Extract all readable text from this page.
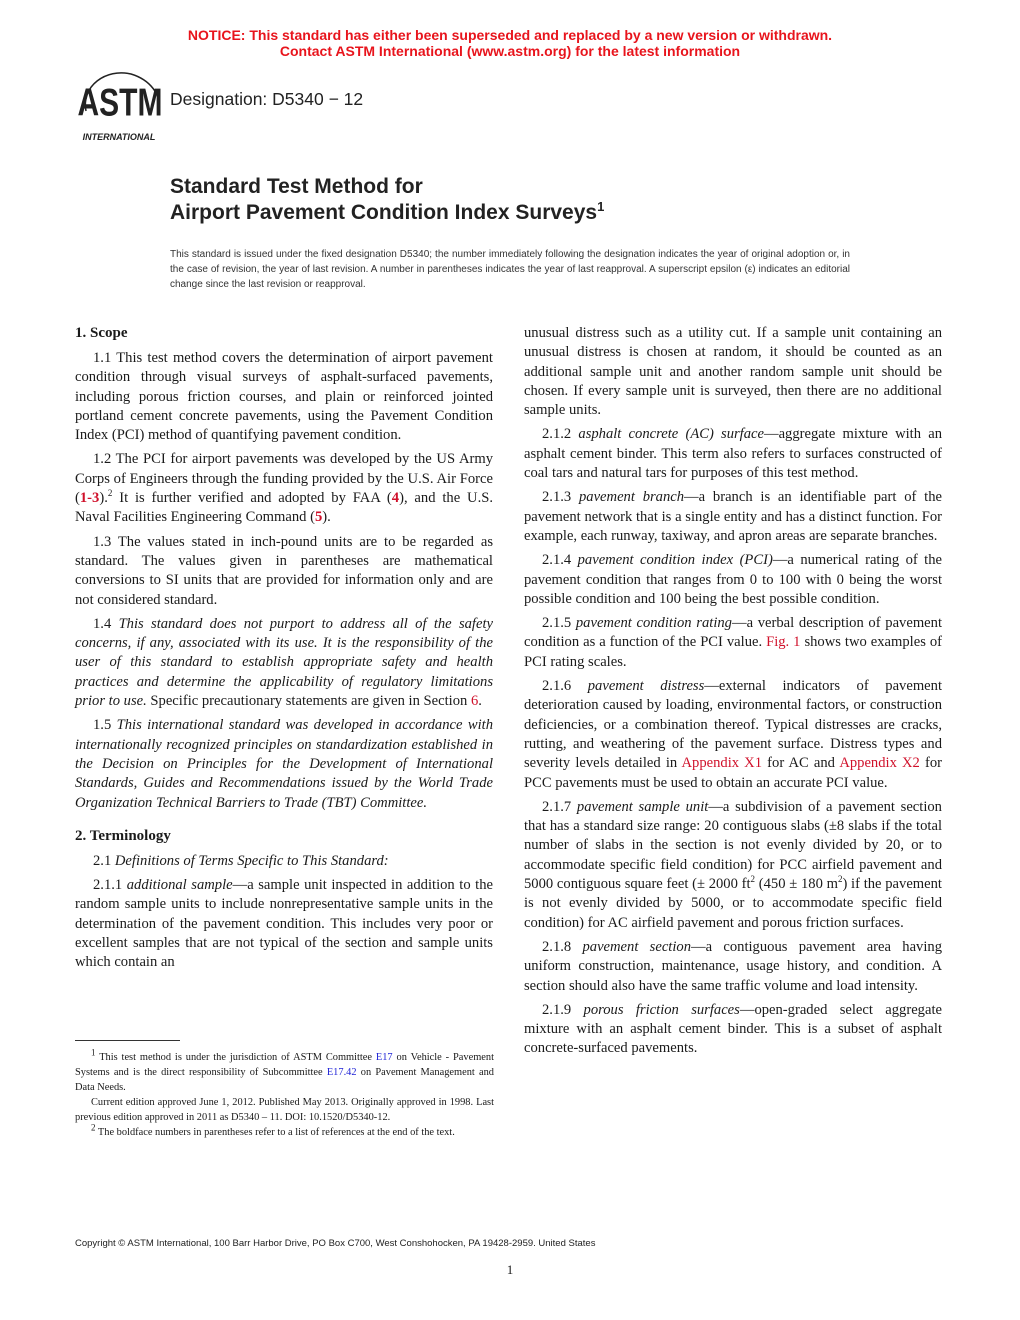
NOTICE: This standard has either been superseded and replaced by a new version or withdrawn.
Contact ASTM International (www.astm.org) for the latest information
ASTM
INTERNATIONAL
Designation: D5340 − 12
Standard Test Method for
Airport Pavement Condition Index Surveys$^1$
This standard is issued under the fixed designation D5340; the number immediately following the designation indicates the year of original adoption or, in the case of revision, the year of last revision. A number in parentheses indicates the year of last reapproval. A superscript epsilon (ε) indicates an editorial change since the last revision or reapproval.
1. Scope

1.1 This test method covers the determination of airport pavement condition through visual surveys of asphalt-surfaced pavements, including porous friction courses, and plain or reinforced jointed portland cement concrete pavements, using the Pavement Condition Index (PCI) method of quantifying pavement condition.

1.2 The PCI for airport pavements was developed by the US Army Corps of Engineers through the funding provided by the U.S. Air Force (1-3).$^2$ It is further verified and adopted by FAA (4), and the U.S. Naval Facilities Engineering Command (5).

1.3 The values stated in inch-pound units are to be regarded as standard. The values given in parentheses are mathematical conversions to SI units that are provided for information only and are not considered standard.

1.4 This standard does not purport to address all of the safety concerns, if any, associated with its use. It is the responsibility of the user of this standard to establish appropriate safety and health practices and determine the applicability of regulatory limitations prior to use. Specific precautionary statements are given in Section 6.

1.5 This international standard was developed in accordance with internationally recognized principles on standardization established in the Decision on Principles for the Development of International Standards, Guides and Recommendations issued by the World Trade Organization Technical Barriers to Trade (TBT) Committee.

2. Terminology

2.1 Definitions of Terms Specific to This Standard:

2.1.1 additional sample—a sample unit inspected in addition to the random sample units to include nonrepresentative sample units in the determination of the pavement condition. This includes very poor or excellent samples that are not typical of the section and sample units which contain an

unusual distress such as a utility cut. If a sample unit containing an unusual distress is chosen at random, it should be counted as an additional sample unit and another random sample unit should be chosen. If every sample unit is surveyed, then there are no additional sample units.

2.1.2 asphalt concrete (AC) surface—aggregate mixture with an asphalt cement binder. This term also refers to surfaces constructed of coal tars and natural tars for purposes of this test method.

2.1.3 pavement branch—a branch is an identifiable part of the pavement network that is a single entity and has a distinct function. For example, each runway, taxiway, and apron areas are separate branches.

2.1.4 pavement condition index (PCI)—a numerical rating of the pavement condition that ranges from 0 to 100 with 0 being the worst possible condition and 100 being the best possible condition.

2.1.5 pavement condition rating—a verbal description of pavement condition as a function of the PCI value. Fig. 1 shows two examples of PCI rating scales.

2.1.6 pavement distress—external indicators of pavement deterioration caused by loading, environmental factors, or construction deficiencies, or a combination thereof. Typical distresses are cracks, rutting, and weathering of the pavement surface. Distress types and severity levels detailed in Appendix X1 for AC and Appendix X2 for PCC pavements must be used to obtain an accurate PCI value.

2.1.7 pavement sample unit—a subdivision of a pavement section that has a standard size range: 20 contiguous slabs (±8 slabs if the total number of slabs in the section is not evenly divided by 20, or to accommodate specific field condition) for PCC airfield pavement and 5000 contiguous square feet (± 2000 $ft^2$ (450 ± 180 $m^2$) if the pavement is not evenly divided by 5000, or to accommodate specific field condition) for AC airfield pavement and porous friction surfaces.

2.1.8 pavement section—a contiguous pavement area having uniform construction, maintenance, usage history, and condition. A section should also have the same traffic volume and load intensity.

2.1.9 porous friction surfaces—open-graded select aggregate mixture with an asphalt cement binder. This is a subset of asphalt concrete-surfaced pavements.

$^1$ This test method is under the jurisdiction of ASTM Committee E17 on Vehicle - Pavement Systems and is the direct responsibility of Subcommittee E17.42 on Pavement Management and Data Needs.

Current edition approved June 1, 2012. Published May 2013. Originally approved in 1998. Last previous edition approved in 2011 as D5340 – 11. DOI: 10.1520/D5340-12.

$^2$ The boldface numbers in parentheses refer to a list of references at the end of the text.

Copyright © ASTM International, 100 Barr Harbor Drive, PO Box C700, West Conshohocken, PA 19428-2959. United States
1
